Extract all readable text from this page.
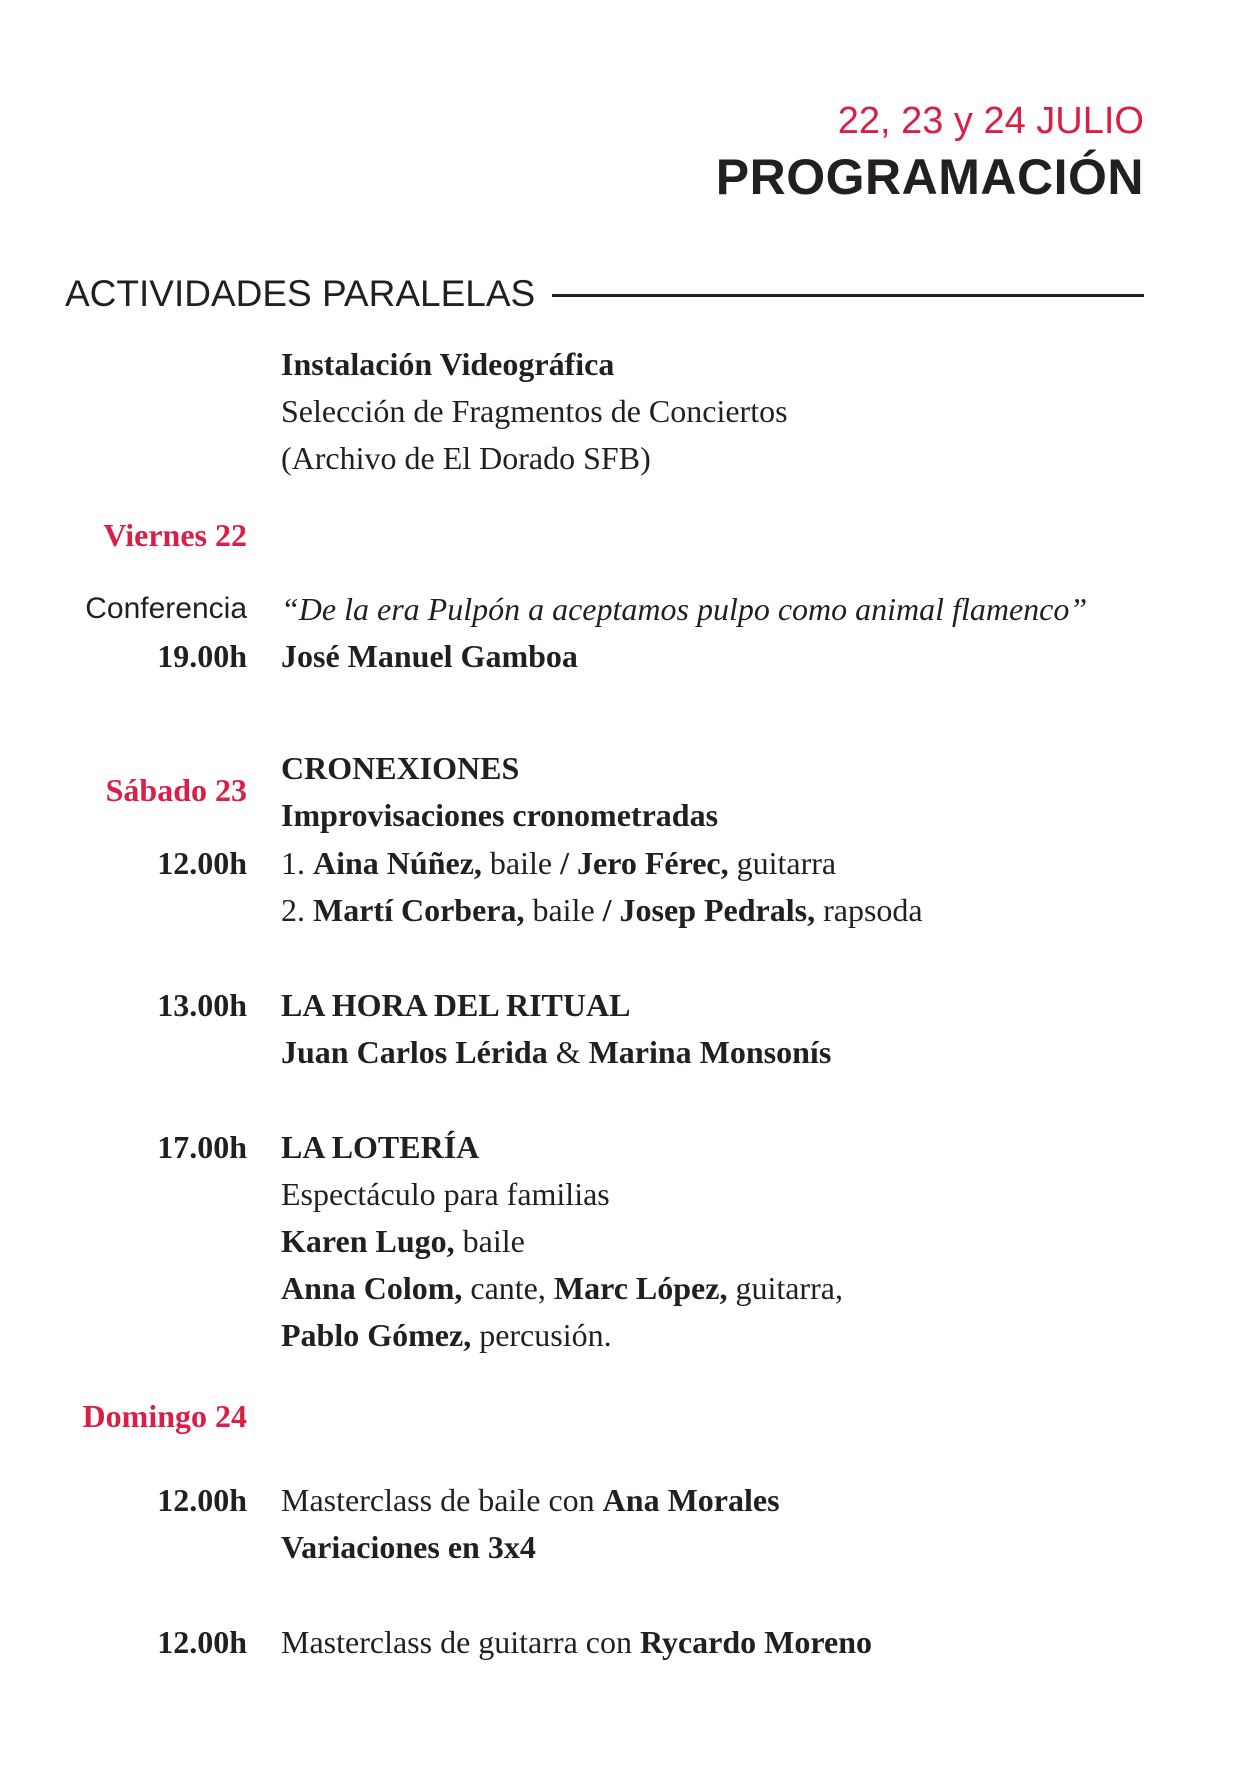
22, 23 y 24 JULIO
PROGRAMACIÓN
ACTIVIDADES PARALELAS
Instalación Videográfica
Selección de Fragmentos de Conciertos
(Archivo de El Dorado SFB)
Viernes 22
Conferencia “De la era Pulpón a aceptamos pulpo como animal flamenco”
19.00h José Manuel Gamboa
CRONEXIONES
Sábado 23
Improvisaciones cronometradas
12.00h 1. Aina Núñez, baile / Jero Férec, guitarra
2. Martí Corbera, baile / Josep Pedrals, rapsoda
13.00h LA HORA DEL RITUAL
Juan Carlos Lérida & Marina Monsonís
17.00h LA LOTERÍA
Espectáculo para familias
Karen Lugo, baile
Anna Colom, cante, Marc López, guitarra,
Pablo Gómez, percusión.
Domingo 24
12.00h Masterclass de baile con Ana Morales
Variaciones en 3x4
12.00h Masterclass de guitarra con Rycardo Moreno
